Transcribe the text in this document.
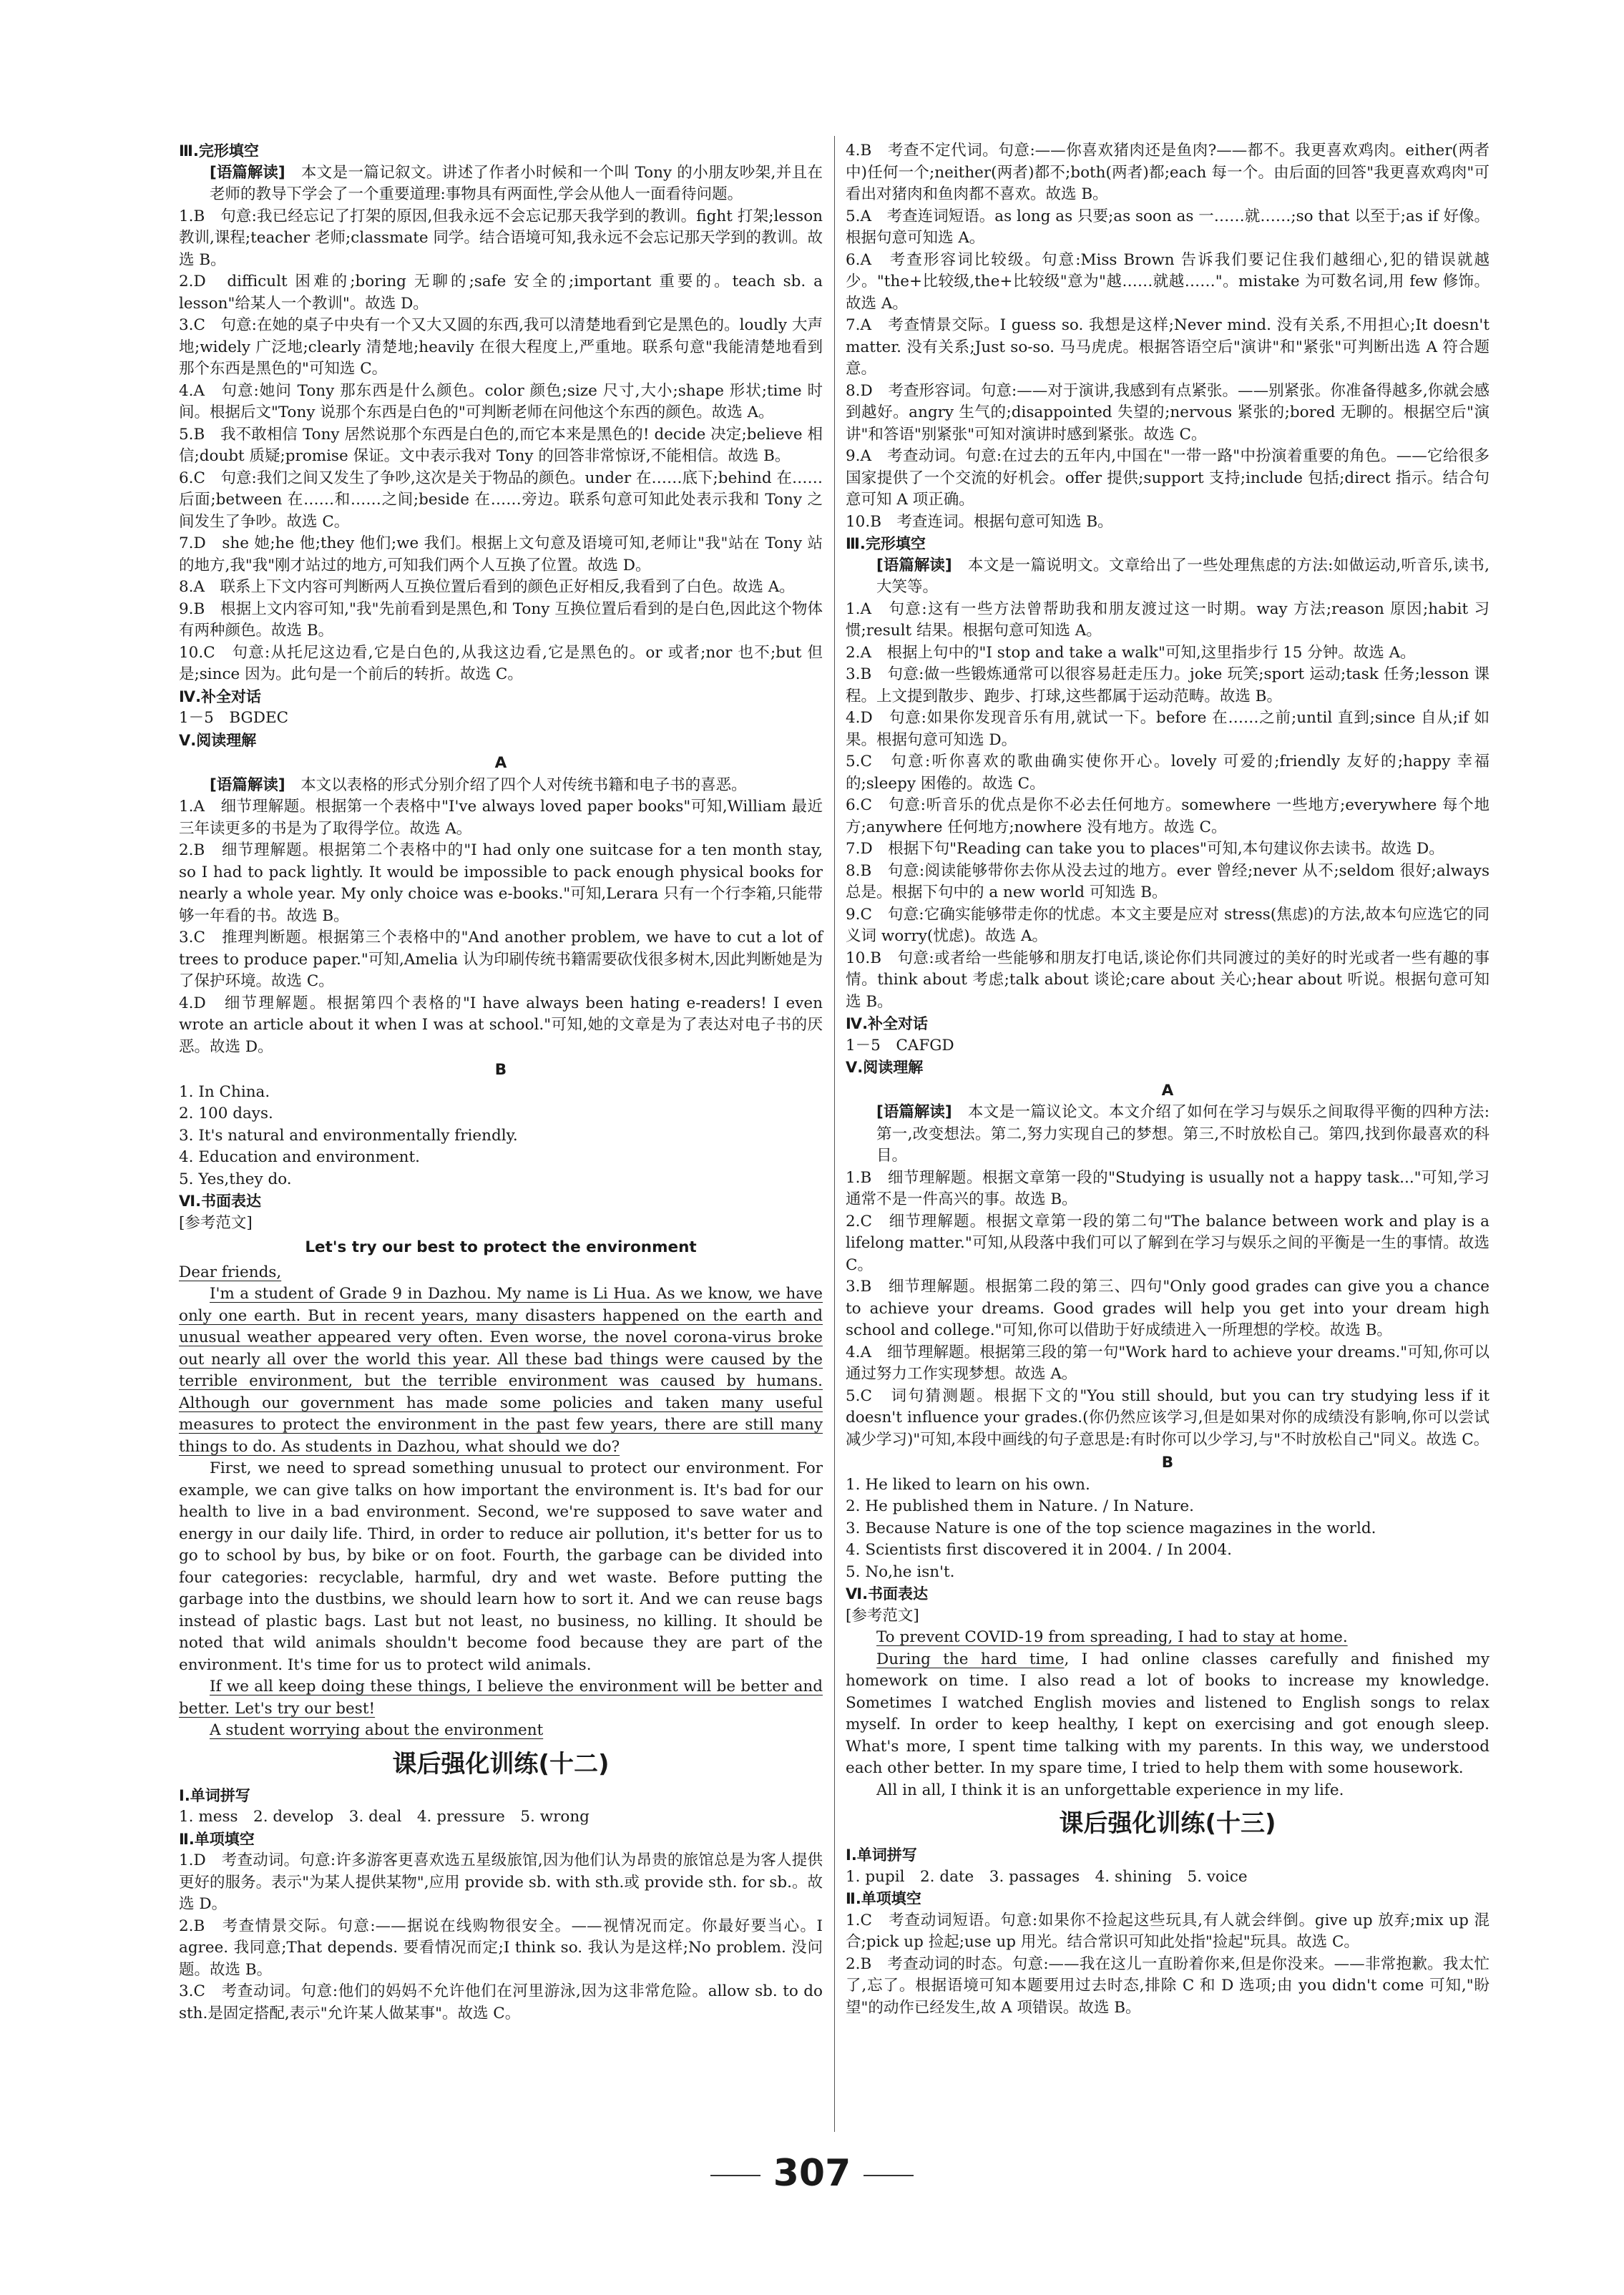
Ⅲ.完形填空

[语篇解读]　 本文是一篇记叙文。讲述了作者小时候和一个叫 Tony 的小朋友吵架,并且在老师的教导下学会了一个重要道理:事物具有两面性,学会从他人一面看待问题。

1.B　句意:我已经忘记了打架的原因,但我永远不会忘记那天我学到的教训。fight 打架;lesson 教训,课程;teacher 老师;classmate 同学。结合语境可知,我永远不会忘记那天学到的教训。故选 B。

2.D　difficult 困难的;boring 无聊的;safe 安全的;important 重要的。teach sb. a lesson"给某人一个教训"。故选 D。

3.C　句意:在她的桌子中央有一个又大又圆的东西,我可以清楚地看到它是黑色的。loudly 大声地;widely 广泛地;clearly 清楚地;heavily 在很大程度上,严重地。联系句意"我能清楚地看到那个东西是黑色的"可知选 C。

4.A　句意:她问 Tony 那东西是什么颜色。color 颜色;size 尺寸,大小;shape 形状;time 时间。根据后文"Tony 说那个东西是白色的"可判断老师在问他这个东西的颜色。故选 A。

5.B　我不敢相信 Tony 居然说那个东西是白色的,而它本来是黑色的! decide 决定;believe 相信;doubt 质疑;promise 保证。文中表示我对 Tony 的回答非常惊讶,不能相信。故选 B。

6.C　句意:我们之间又发生了争吵,这次是关于物品的颜色。under 在……底下;behind 在……后面;between 在……和……之间;beside 在……旁边。联系句意可知此处表示我和 Tony 之间发生了争吵。故选 C。

7.D　she 她;he 他;they 他们;we 我们。根据上文句意及语境可知,老师让"我"站在 Tony 站的地方,我"我"刚才站过的地方,可知我们两个人互换了位置。故选 D。

8.A　联系上下文内容可判断两人互换位置后看到的颜色正好相反,我看到了白色。故选 A。

9.B　根据上文内容可知,"我"先前看到是黑色,和 Tony 互换位置后看到的是白色,因此这个物体有两种颜色。故选 B。

10.C　句意:从托尼这边看,它是白色的,从我这边看,它是黑色的。or 或者;nor 也不;but 但是;since 因为。此句是一个前后的转折。故选 C。

Ⅳ.补全对话

1－5　BGDEC

Ⅴ.阅读理解

A

[语篇解读]　 本文以表格的形式分别介绍了四个人对传统书籍和电子书的喜恶。

1.A　细节理解题。根据第一个表格中"I've always loved paper books"可知,William 最近三年读更多的书是为了取得学位。故选 A。

2.B　细节理解题。根据第二个表格中的"I had only one suitcase for a ten month stay, so I had to pack lightly. It would be impossible to pack enough physical books for nearly a whole year. My only choice was e-books."可知,Lerara 只有一个行李箱,只能带够一年看的书。故选 B。

3.C　推理判断题。根据第三个表格中的"And another problem, we have to cut a lot of trees to produce paper."可知,Amelia 认为印刷传统书籍需要砍伐很多树木,因此判断她是为了保护环境。故选 C。

4.D　细节理解题。根据第四个表格的"I have always been hating e-readers! I even wrote an article about it when I was at school."可知,她的文章是为了表达对电子书的厌恶。故选 D。

B

1. In China.

2. 100 days.

3. It's natural and environmentally friendly.

4. Education and environment.

5. Yes,they do.

Ⅵ.书面表达

[参考范文]

Let's try our best to protect the environment

Dear friends,

I'm a student of Grade 9 in Dazhou. My name is Li Hua. As we know, we have only one earth. But in recent years, many disasters happened on the earth and unusual weather appeared very often. Even worse, the novel corona-virus broke out nearly all over the world this year. All these bad things were caused by the terrible environment, but the terrible environment was caused by humans. Although our government has made some policies and taken many useful measures to protect the environment in the past few years, there are still many things to do. As students in Dazhou, what should we do?

First, we need to spread something unusual to protect our environment. For example, we can give talks on how important the environment is. It's bad for our health to live in a bad environment. Second, we're supposed to save water and energy in our daily life. Third, in order to reduce air pollution, it's better for us to go to school by bus, by bike or on foot. Fourth, the garbage can be divided into four categories: recyclable, harmful, dry and wet waste. Before putting the garbage into the dustbins, we should learn how to sort it. And we can reuse bags instead of plastic bags. Last but not least, no business, no killing. It should be noted that wild animals shouldn't become food because they are part of the environment. It's time for us to protect wild animals.

If we all keep doing these things, I believe the environment will be better and better. Let's try our best!

A student worrying about the environment

课后强化训练(十二)

Ⅰ.单词拼写

1. mess　2. develop　3. deal　4. pressure　5. wrong

Ⅱ.单项填空

1.D　考查动词。句意:许多游客更喜欢选五星级旅馆,因为他们认为昂贵的旅馆总是为客人提供更好的服务。表示"为某人提供某物",应用 provide sb. with sth.或 provide sth. for sb.。故选 D。

2.B　考查情景交际。句意:——据说在线购物很安全。——视情况而定。你最好要当心。I agree. 我同意;That depends. 要看情况而定;I think so. 我认为是这样;No problem. 没问题。故选 B。

3.C　考查动词。句意:他们的妈妈不允许他们在河里游泳,因为这非常危险。allow sb. to do sth.是固定搭配,表示"允许某人做某事"。故选 C。

4.B　考查不定代词。句意:——你喜欢猪肉还是鱼肉?——都不。我更喜欢鸡肉。either(两者中)任何一个;neither(两者)都不;both(两者)都;each 每一个。由后面的回答"我更喜欢鸡肉"可看出对猪肉和鱼肉都不喜欢。故选 B。

5.A　考查连词短语。as long as 只要;as soon as 一……就……;so that 以至于;as if 好像。根据句意可知选 A。

6.A　考查形容词比较级。句意:Miss Brown 告诉我们要记住我们越细心,犯的错误就越少。"the+比较级,the+比较级"意为"越……就越……"。mistake 为可数名词,用 few 修饰。故选 A。

7.A　考查情景交际。I guess so. 我想是这样;Never mind. 没有关系,不用担心;It doesn't matter. 没有关系;Just so-so. 马马虎虎。根据答语空后"演讲"和"紧张"可判断出选 A 符合题意。

8.D　考查形容词。句意:——对于演讲,我感到有点紧张。——别紧张。你准备得越多,你就会感到越好。angry 生气的;disappointed 失望的;nervous 紧张的;bored 无聊的。根据空后"演讲"和答语"别紧张"可知对演讲时感到紧张。故选 C。

9.A　考查动词。句意:在过去的五年内,中国在"一带一路"中扮演着重要的角色。——它给很多国家提供了一个交流的好机会。offer 提供;support 支持;include 包括;direct 指示。结合句意可知 A 项正确。

10.B　考查连词。根据句意可知选 B。

Ⅲ.完形填空

[语篇解读]　 本文是一篇说明文。文章给出了一些处理焦虑的方法:如做运动,听音乐,读书,大笑等。

1.A　句意:这有一些方法曾帮助我和朋友渡过这一时期。way 方法;reason 原因;habit 习惯;result 结果。根据句意可知选 A。

2.A　根据上句中的"I stop and take a walk"可知,这里指步行 15 分钟。故选 A。

3.B　句意:做一些锻炼通常可以很容易赶走压力。joke 玩笑;sport 运动;task 任务;lesson 课程。上文提到散步、跑步、打球,这些都属于运动范畴。故选 B。

4.D　句意:如果你发现音乐有用,就试一下。before 在……之前;until 直到;since 自从;if 如果。根据句意可知选 D。

5.C　句意:听你喜欢的歌曲确实使你开心。lovely 可爱的;friendly 友好的;happy 幸福的;sleepy 困倦的。故选 C。

6.C　句意:听音乐的优点是你不必去任何地方。somewhere 一些地方;everywhere 每个地方;anywhere 任何地方;nowhere 没有地方。故选 C。

7.D　根据下句"Reading can take you to places"可知,本句建议你去读书。故选 D。

8.B　句意:阅读能够带你去你从没去过的地方。ever 曾经;never 从不;seldom 很好;always 总是。根据下句中的 a new world 可知选 B。

9.C　句意:它确实能够带走你的忧虑。本文主要是应对 stress(焦虑)的方法,故本句应选它的同义词 worry(忧虑)。故选 A。

10.B　句意:或者给一些能够和朋友打电话,谈论你们共同渡过的美好的时光或者一些有趣的事情。think about 考虑;talk about 谈论;care about 关心;hear about 听说。根据句意可知选 B。

Ⅳ.补全对话

1－5　CAFGD

Ⅴ.阅读理解

A

[语篇解读]　 本文是一篇议论文。本文介绍了如何在学习与娱乐之间取得平衡的四种方法:第一,改变想法。第二,努力实现自己的梦想。第三,不时放松自己。第四,找到你最喜欢的科目。

1.B　细节理解题。根据文章第一段的"Studying is usually not a happy task..."可知,学习通常不是一件高兴的事。故选 B。

2.C　细节理解题。根据文章第一段的第二句"The balance between work and play is a lifelong matter."可知,从段落中我们可以了解到在学习与娱乐之间的平衡是一生的事情。故选 C。

3.B　细节理解题。根据第二段的第三、四句"Only good grades can give you a chance to achieve your dreams. Good grades will help you get into your dream high school and college."可知,你可以借助于好成绩进入一所理想的学校。故选 B。

4.A　细节理解题。根据第三段的第一句"Work hard to achieve your dreams."可知,你可以通过努力工作实现梦想。故选 A。

5.C　词句猜测题。根据下文的"You still should, but you can try studying less if it doesn't influence your grades.(你仍然应该学习,但是如果对你的成绩没有影响,你可以尝试减少学习)"可知,本段中画线的句子意思是:有时你可以少学习,与"不时放松自己"同义。故选 C。

B

1. He liked to learn on his own.

2. He published them in Nature. / In Nature.

3. Because Nature is one of the top science magazines in the world.

4. Scientists first discovered it in 2004. / In 2004.

5. No,he isn't.

Ⅵ.书面表达

[参考范文]

To prevent COVID-19 from spreading, I had to stay at home.

During the hard time, I had online classes carefully and finished my homework on time. I also read a lot of books to increase my knowledge. Sometimes I watched English movies and listened to English songs to relax myself. In order to keep healthy, I kept on exercising and got enough sleep. What's more, I spent time talking with my parents. In this way, we understood each other better. In my spare time, I tried to help them with some housework.

All in all, I think it is an unforgettable experience in my life.

课后强化训练(十三)

Ⅰ.单词拼写

1. pupil　2. date　3. passages　4. shining　5. voice

Ⅱ.单项填空

1.C　考查动词短语。句意:如果你不捡起这些玩具,有人就会绊倒。give up 放弃;mix up 混合;pick up 捡起;use up 用光。结合常识可知此处指"捡起"玩具。故选 C。

2.B　考查动词的时态。句意:——我在这儿一直盼着你来,但是你没来。——非常抱歉。我太忙了,忘了。根据语境可知本题要用过去时态,排除 C 和 D 选项;由 you didn't come 可知,"盼望"的动作已经发生,故 A 项错误。故选 B。

307
